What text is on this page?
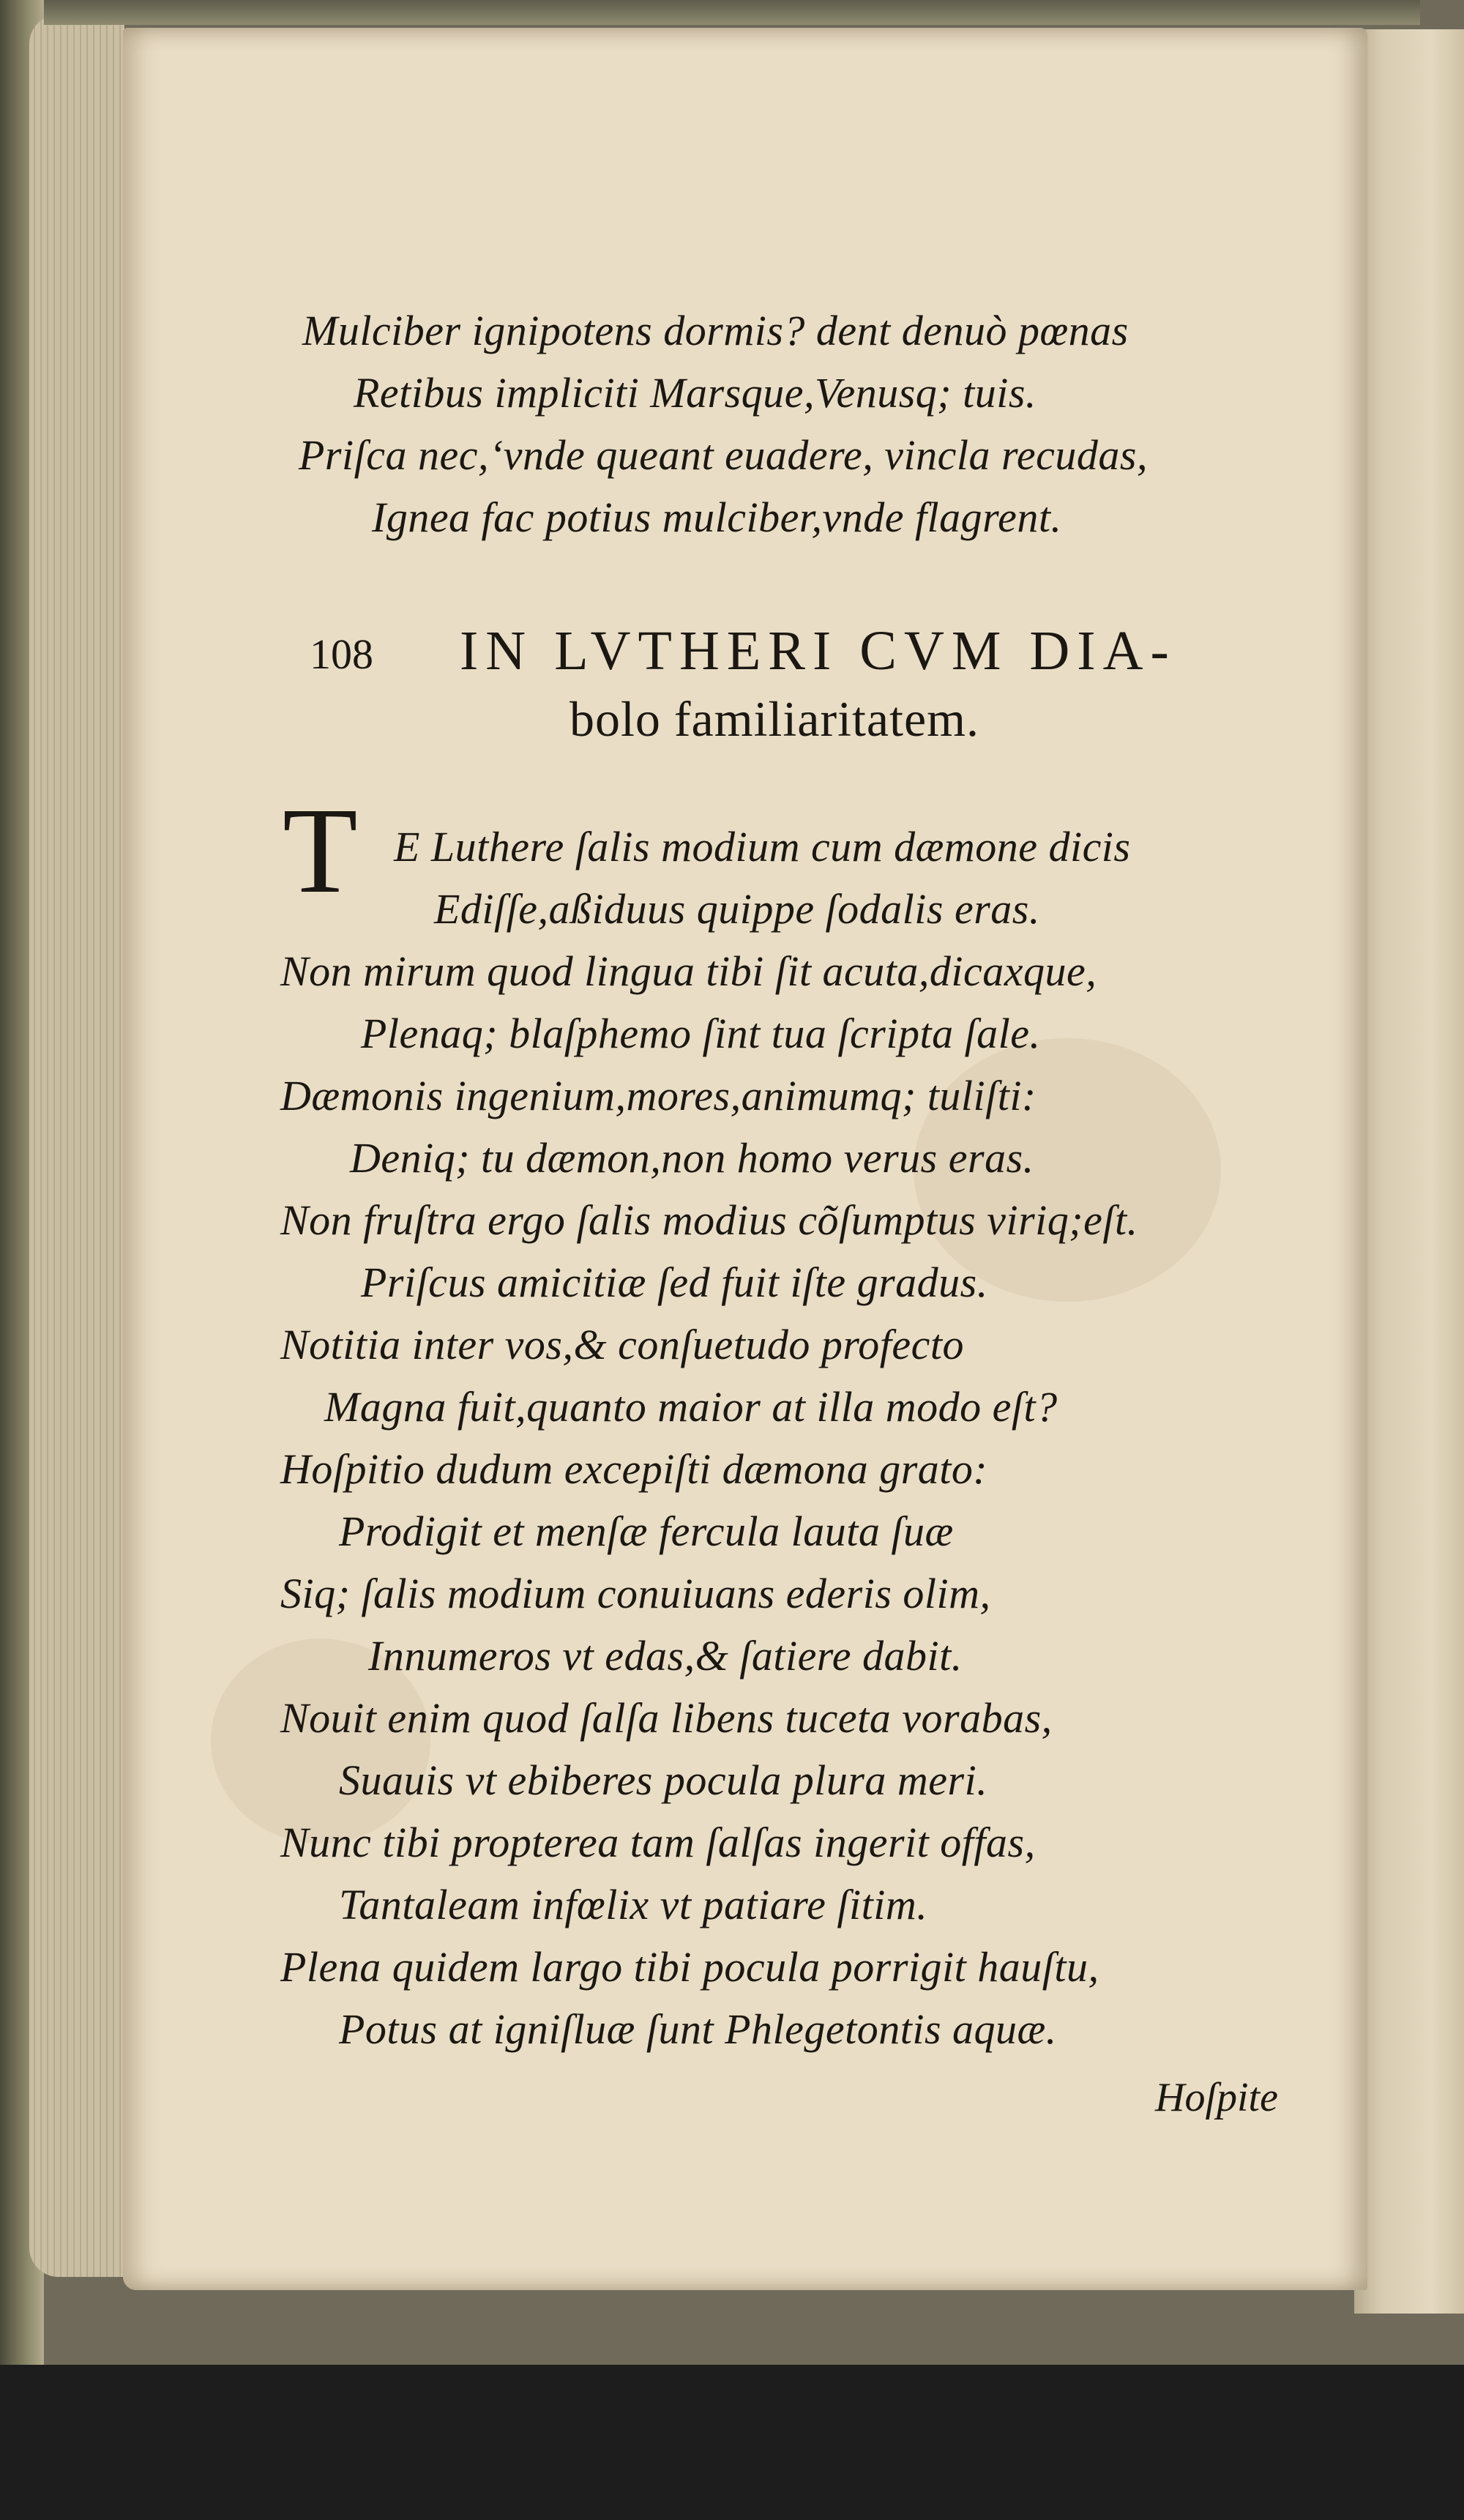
Mulciber ignipotens dormis? dent denuò pœnas
Retibus impliciti Marsque,Venusq; tuis.
Priſca nec,‘vnde queant euadere, vincla recudas,
Ignea fac potius mulciber,vnde flagrent.
108 IN LVTHERI CVM DIA-
bolo familiaritatem.
T E Luthere ſalis modium cum dæmone dicis
Ediſſe,aßiduus quippe ſodalis eras.
Non mirum quod lingua tibi ſit acuta,dicaxque,
Plenaq; blaſphemo ſint tua ſcripta ſale.
Dæmonis ingenium,mores,animumq; tuliſti:
Deniq; tu dæmon,non homo verus eras.
Non fruſtra ergo ſalis modius cõſumptus viriq;eſt.
Priſcus amicitiæ ſed fuit iſte gradus.
Notitia inter vos,& conſuetudo profecto
Magna fuit,quanto maior at illa modo eſt?
Hoſpitio dudum excepiſti dæmona grato:
Prodigit et menſæ fercula lauta ſuæ
Siq; ſalis modium conuiuans ederis olim,
Innumeros vt edas,& ſatiere dabit.
Nouit enim quod ſalſa libens tuceta vorabas,
Suauis vt ebiberes pocula plura meri.
Nunc tibi propterea tam ſalſas ingerit offas,
Tantaleam infœlix vt patiare ſitim.
Plena quidem largo tibi pocula porrigit hauſtu,
Potus at igniſluæ ſunt Phlegetontis aquæ.
Hoſpite
